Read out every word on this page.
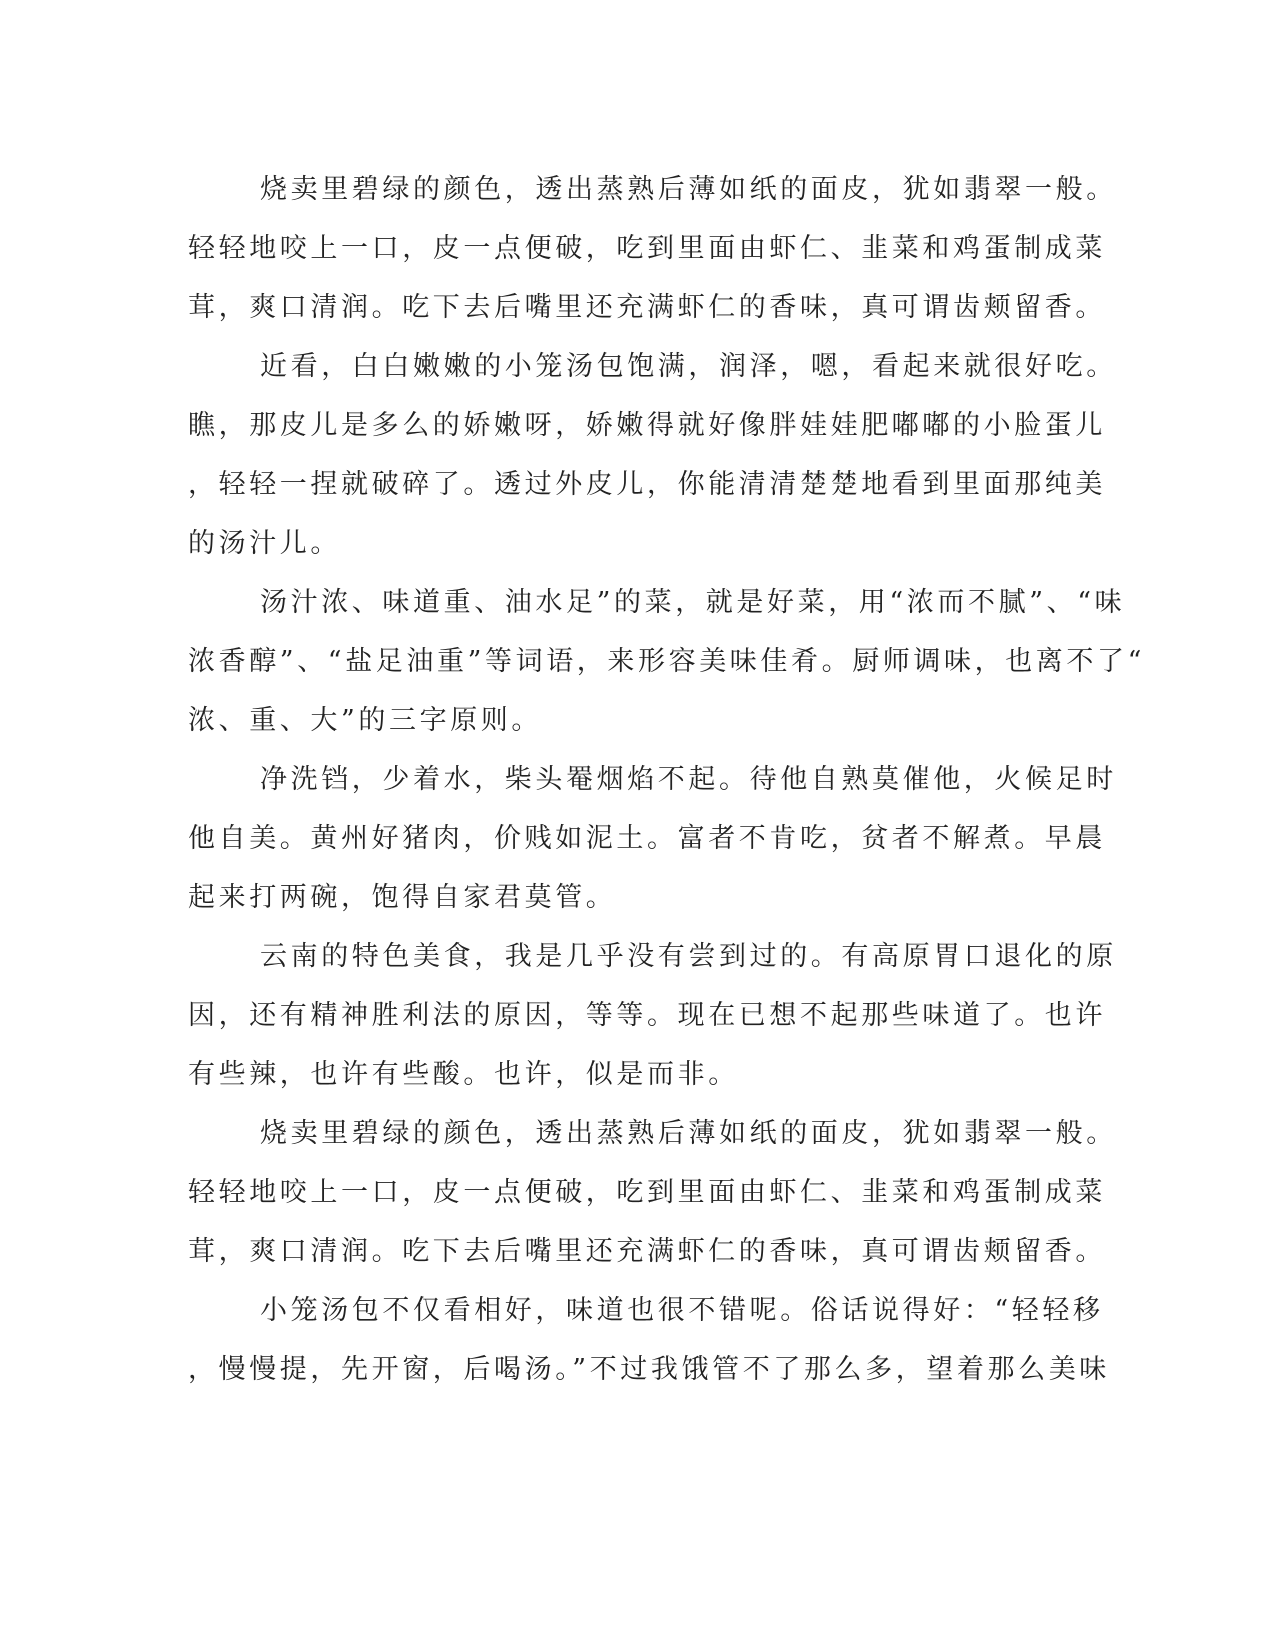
烧卖里碧绿的颜色，透出蒸熟后薄如纸的面皮，犹如翡翠一般。
轻轻地咬上一口，皮一点便破，吃到里面由虾仁、韭菜和鸡蛋制成菜
茸，爽口清润。吃下去后嘴里还充满虾仁的香味，真可谓齿颊留香。
近看，白白嫩嫩的小笼汤包饱满，润泽，嗯，看起来就很好吃。
瞧，那皮儿是多么的娇嫩呀，娇嫩得就好像胖娃娃肥嘟嘟的小脸蛋儿
，轻轻一捏就破碎了。透过外皮儿，你能清清楚楚地看到里面那纯美
的汤汁儿。
汤汁浓、味道重、油水足”的菜，就是好菜，用“浓而不腻”、“味
浓香醇”、“盐足油重”等词语，来形容美味佳肴。厨师调味，也离不了“
浓、重、大”的三字原则。
净洗铛，少着水，柴头罨烟焰不起。待他自熟莫催他，火候足时
他自美。黄州好猪肉，价贱如泥土。富者不肯吃，贫者不解煮。早晨
起来打两碗，饱得自家君莫管。
云南的特色美食，我是几乎没有尝到过的。有高原胃口退化的原
因，还有精神胜利法的原因，等等。现在已想不起那些味道了。也许
有些辣，也许有些酸。也许，似是而非。
烧卖里碧绿的颜色，透出蒸熟后薄如纸的面皮，犹如翡翠一般。
轻轻地咬上一口，皮一点便破，吃到里面由虾仁、韭菜和鸡蛋制成菜
茸，爽口清润。吃下去后嘴里还充满虾仁的香味，真可谓齿颊留香。
小笼汤包不仅看相好，味道也很不错呢。俗话说得好：“轻轻移
，慢慢提，先开窗，后喝汤。”不过我饿管不了那么多，望着那么美味
